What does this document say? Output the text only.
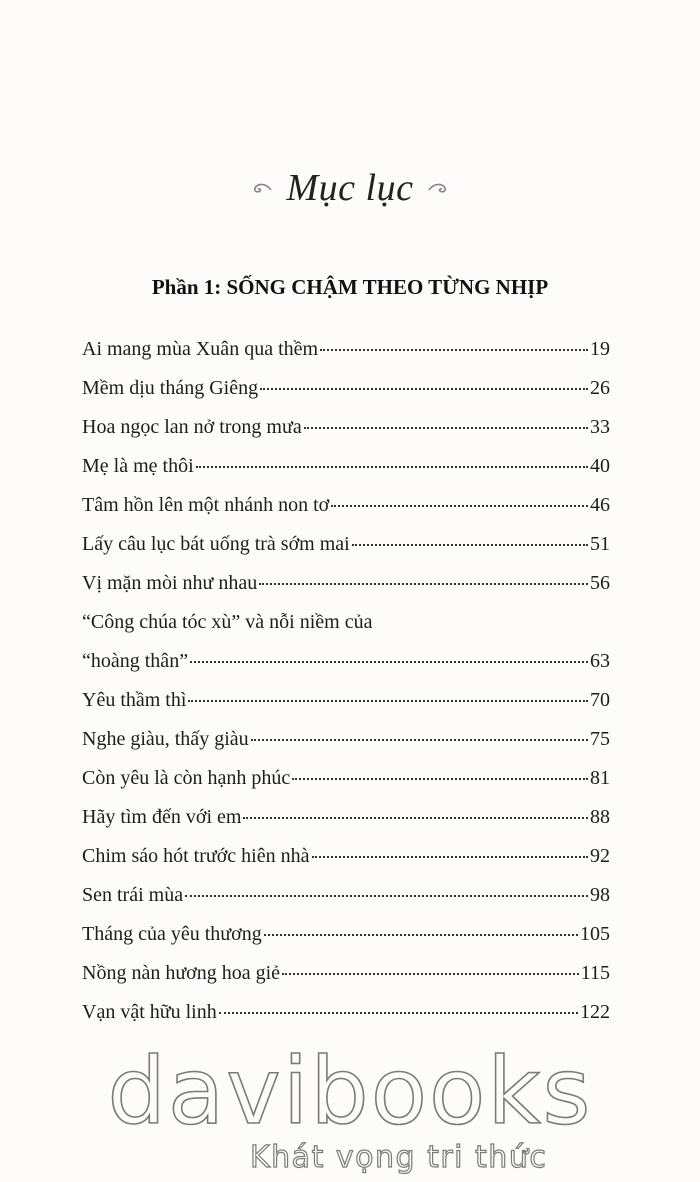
Mục lục
Phần 1: SỐNG CHẬM THEO TỪNG NHỊP
Ai mang mùa Xuân qua thềm	19
Mềm dịu tháng Giêng	26
Hoa ngọc lan nở trong mưa	33
Mẹ là mẹ thôi	40
Tâm hồn lên một nhánh non tơ	46
Lấy câu lục bát uống trà sớm mai	51
Vị mặn mòi như nhau	56
“Công chúa tóc xù” và nỗi niềm của
“hoàng thân”	63
Yêu thầm thì	70
Nghe giàu, thấy giàu	75
Còn yêu là còn hạnh phúc	81
Hãy tìm đến với em	88
Chim sáo hót trước hiên nhà	92
Sen trái mùa	98
Tháng của yêu thương	105
Nồng nàn hương hoa giẻ	115
Vạn vật hữu linh	122
davibooks
Khát vọng tri thức
